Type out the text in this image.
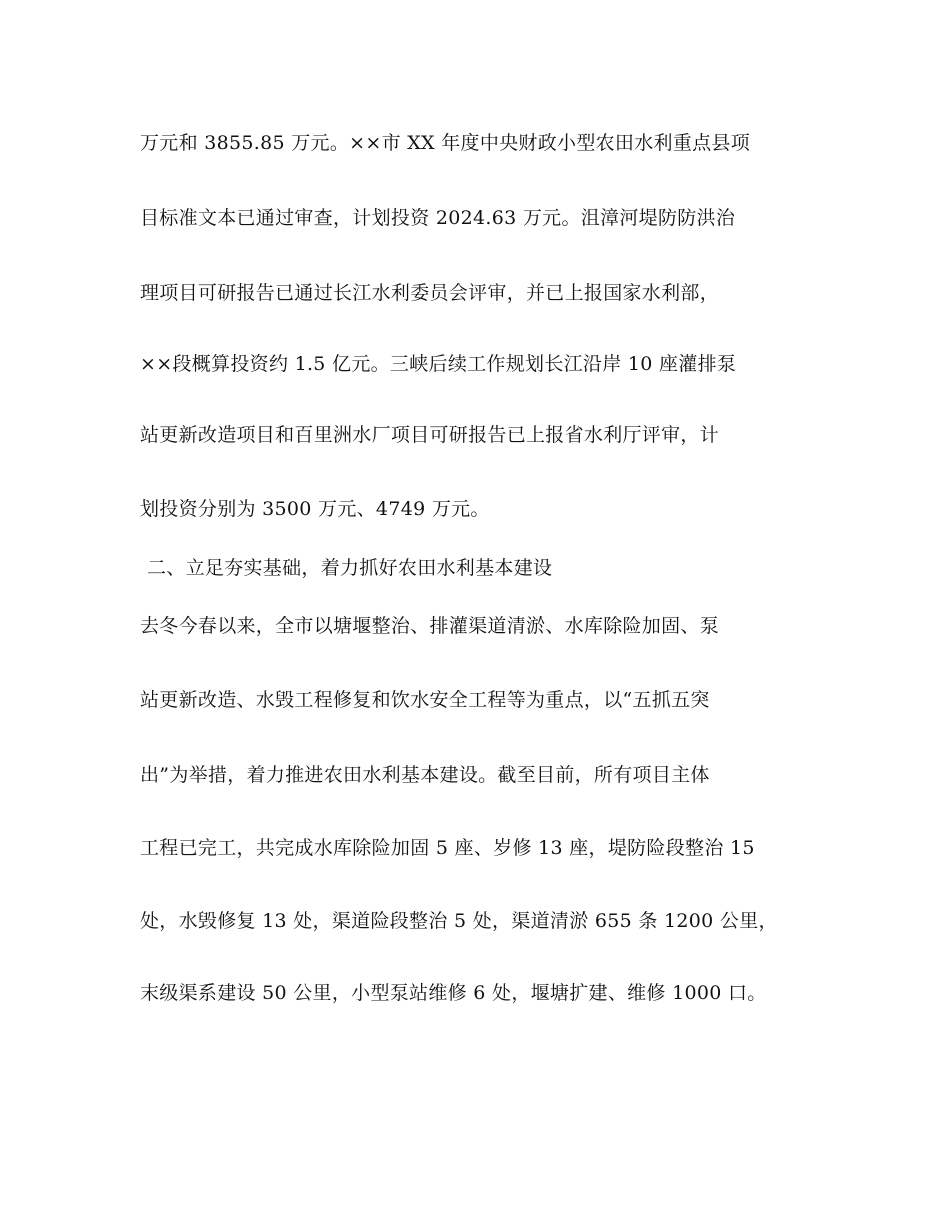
万元和 3855.85 万元。××市 XX 年度中央财政小型农田水利重点县项

目标准文本已通过审查，计划投资 2024.63 万元。沮漳河堤防防洪治

理项目可研报告已通过长江水利委员会评审，并已上报国家水利部，

××段概算投资约 1.5 亿元。三峡后续工作规划长江沿岸 10 座灌排泵

站更新改造项目和百里洲水厂项目可研报告已上报省水利厅评审，计

划投资分别为 3500 万元、4749 万元。

二、立足夯实基础，着力抓好农田水利基本建设

去冬今春以来，全市以塘堰整治、排灌渠道清淤、水库除险加固、泵

站更新改造、水毁工程修复和饮水安全工程等为重点，以“五抓五突

出”为举措，着力推进农田水利基本建设。截至目前，所有项目主体

工程已完工，共完成水库除险加固 5 座、岁修 13 座，堤防险段整治 15

处，水毁修复 13 处，渠道险段整治 5 处，渠道清淤 655 条 1200 公里，

末级渠系建设 50 公里，小型泵站维修 6 处，堰塘扩建、维修 1000 口。
